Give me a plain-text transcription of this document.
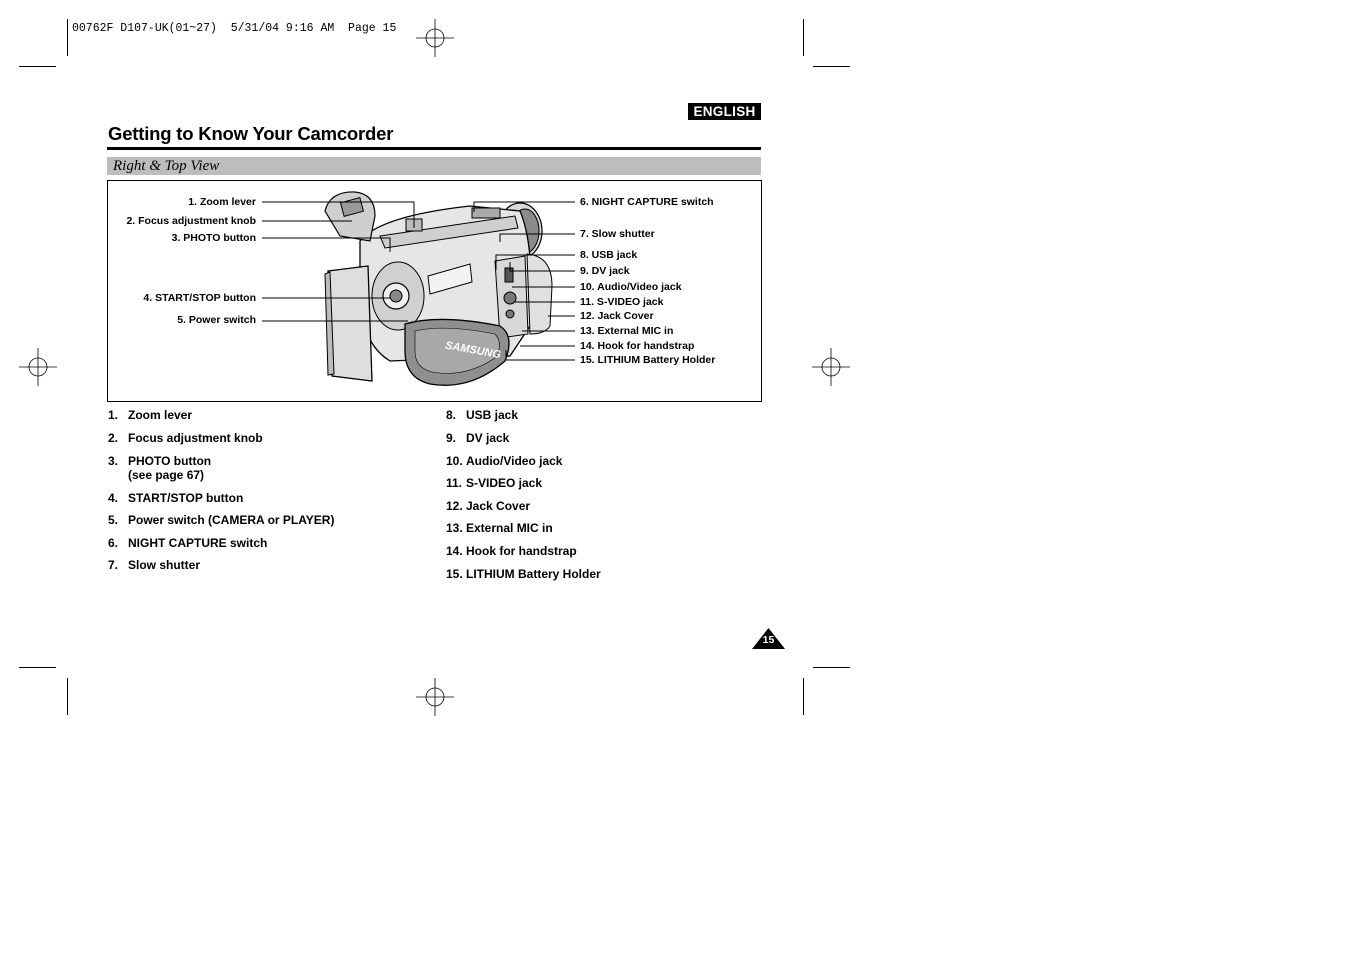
00762F D107-UK(01~27)  5/31/04 9:16 AM  Page 15
ENGLISH
Getting to Know Your Camcorder
Right & Top View
SAMSUNG
1. Zoom lever
2. Focus adjustment knob
3. PHOTO button
4. START/STOP button
5. Power switch
6. NIGHT CAPTURE switch
7. Slow shutter
8. USB jack
9. DV jack
10. Audio/Video jack
11. S-VIDEO jack
12. Jack Cover
13. External MIC in
14. Hook for handstrap
15. LITHIUM Battery Holder
1. Zoom lever
2. Focus adjustment knob
3. PHOTO button
(see page 67)
4. START/STOP button
5. Power switch (CAMERA or PLAYER)
6. NIGHT CAPTURE switch
7. Slow shutter
8. USB jack
9. DV jack
10. Audio/Video jack
11. S-VIDEO jack
12. Jack Cover
13. External MIC in
14. Hook for handstrap
15. LITHIUM Battery Holder
15
